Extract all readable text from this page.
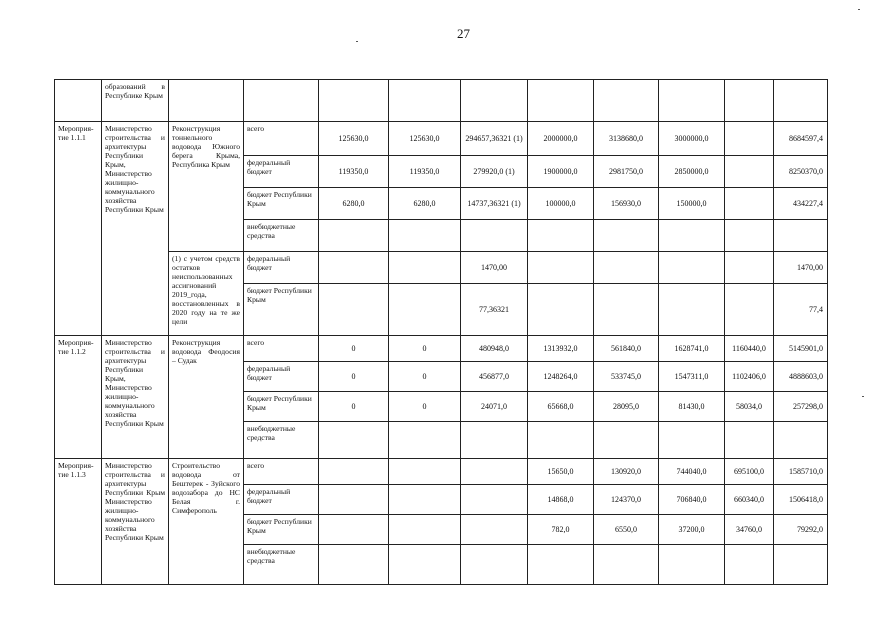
27
	образований в Республике Крым										
Мероприя-тие 1.1.1	Министерство строительства и архитектуры Республики Крым, Министерство жилищно-коммунального хозяйства Республики Крым	Реконструкция тоннельного водовода Южного берега Крыма, Республика Крым	всего	125630,0	125630,0	294657,36321 (1)	2000000,0	3138680,0	3000000,0		8684597,4
			федеральный бюджет	119350,0	119350,0	279920,0 (1)	1900000,0	2981750,0	2850000,0		8250370,0
			бюджет Республики Крым	6280,0	6280,0	14737,36321 (1)	100000,0	156930,0	150000,0		434227,4
			внебюджетные средства								
		(1) с учетом средств остатков неиспользованных ассигнований 2019_года, восстановленных в 2020 году на те же цели	федеральный бюджет			1470,00					1470,00
			бюджет Республики Крым			77,36321					77,4
Мероприя-тие 1.1.2	Министерство строительства и архитектуры Республики Крым, Министерство жилищно-коммунального хозяйства Республики Крым	Реконструкция водовода Феодосия – Судак	всего	0	0	480948,0	1313932,0	561840,0	1628741,0	1160440,0	5145901,0
			федеральный бюджет	0	0	456877,0	1248264,0	533745,0	1547311,0	1102406,0	4888603,0
			бюджет Республики Крым	0	0	24071,0	65668,0	28095,0	81430,0	58034,0	257298,0
			внебюджетные средства								
Мероприя-тие 1.1.3	Министерство строительства и архитектуры Республики Крым Министерство жилищно-коммунального хозяйства Республики Крым	Строительство водовода от Бештерек - Зуйского водозабора до НС Белая г. Симферополь	всего				15650,0	130920,0	744040,0	695100,0	1585710,0
			федеральный бюджет				14868,0	124370,0	706840,0	660340,0	1506418,0
			бюджет Республики Крым				782,0	6550,0	37200,0	34760,0	79292,0
			внебюджетные средства								
